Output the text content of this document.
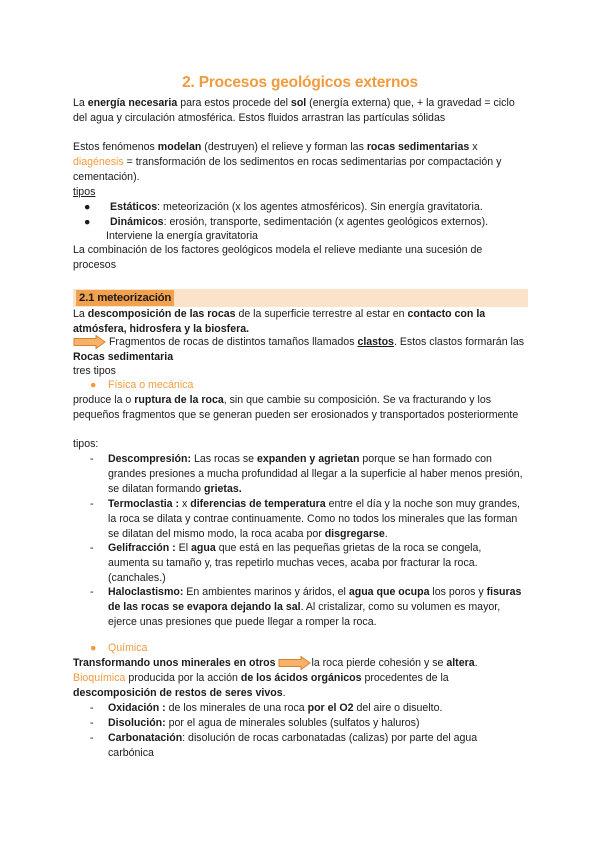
2. Procesos geológicos externos

La energía necesaria para estos procede del sol (energía externa) que, + la gravedad = ciclo del agua y circulación atmosférica. Estos fluidos arrastran las partículas sólidas

Estos fenómenos modelan (destruyen) el relieve y forman las rocas sedimentarias x diagénesis = transformación de los sedimentos en rocas sedimentarias por compactación y cementación).

tipos

● Estáticos: meteorización (x los agentes atmosféricos). Sin energía gravitatoria.
● Dinámicos: erosión, transporte, sedimentación (x agentes geológicos externos).
Interviene la energía gravitatoria

La combinación de los factores geológicos modela el relieve mediante una sucesión de procesos

2.1 meteorización

La descomposición de las rocas de la superficie terrestre al estar en contacto con la atmósfera, hidrosfera y la biosfera.

Fragmentos de rocas de distintos tamaños llamados clastos. Estos clastos formarán las Rocas sedimentaria

tres tipos

● Física o mecánica

produce la o ruptura de la roca, sin que cambie su composición. Se va fracturando y los pequeños fragmentos que se generan pueden ser erosionados y transportados posteriormente

tipos:

- Descompresión: Las rocas se expanden y agrietan porque se han formado con grandes presiones a mucha profundidad al llegar a la superficie al haber menos presión, se dilatan formando grietas.
- Termoclastia : x diferencias de temperatura entre el día y la noche son muy grandes, la roca se dilata y contrae continuamente. Como no todos los minerales que las forman se dilatan del mismo modo, la roca acaba por disgregarse.
- Gelifracción : El agua que está en las pequeñas grietas de la roca se congela, aumenta su tamaño y, tras repetirlo muchas veces, acaba por fracturar la roca. (canchales.)
- Haloclastismo: En ambientes marinos y áridos, el agua que ocupa los poros y fisuras de las rocas se evapora dejando la sal. Al cristalizar, como su volumen es mayor, ejerce unas presiones que puede llegar a romper la roca.
● Química

Transformando unos minerales en otros	la roca pierde cohesión y se altera.

Bioquímica producida por la acción de los ácidos orgánicos procedentes de la descomposición de restos de seres vivos.

- Oxidación : de los minerales de una roca por el O2 del aire o disuelto.
- Disolución: por el agua de minerales solubles (sulfatos y haluros)
- Carbonatación: disolución de rocas carbonatadas (calizas) por parte del agua carbónica
